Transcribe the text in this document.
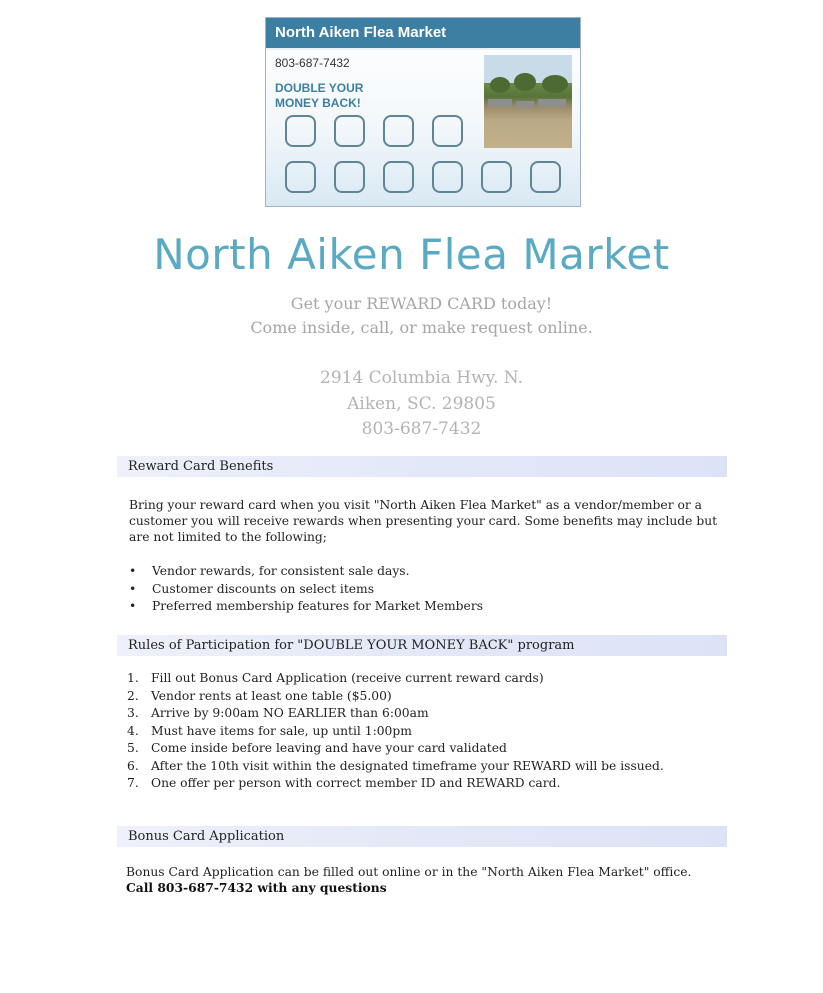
North Aiken Flea Market
803-687-7432
DOUBLE YOUR MONEY BACK!
North Aiken Flea Market
Get your REWARD CARD today!
Come inside, call, or make request online.
2914 Columbia Hwy. N.
Aiken, SC. 29805
803-687-7432
Reward Card Benefits
Bring your reward card when you visit "North Aiken Flea Market" as a vendor/member or a customer you will receive rewards when presenting your card. Some benefits may include but are not limited to the following;
• Vendor rewards, for consistent sale days.
• Customer discounts on select items
• Preferred membership features for Market Members
Rules of Participation for "DOUBLE YOUR MONEY BACK" program
1. Fill out Bonus Card Application (receive current reward cards)
2. Vendor rents at least one table ($5.00)
3. Arrive by 9:00am NO EARLIER than 6:00am
4. Must have items for sale, up until 1:00pm
5. Come inside before leaving and have your card validated
6. After the 10th visit within the designated timeframe your REWARD will be issued.
7. One offer per person with correct member ID and REWARD card.
Bonus Card Application
Bonus Card Application can be filled out online or in the "North Aiken Flea Market" office.
Call 803-687-7432 with any questions
